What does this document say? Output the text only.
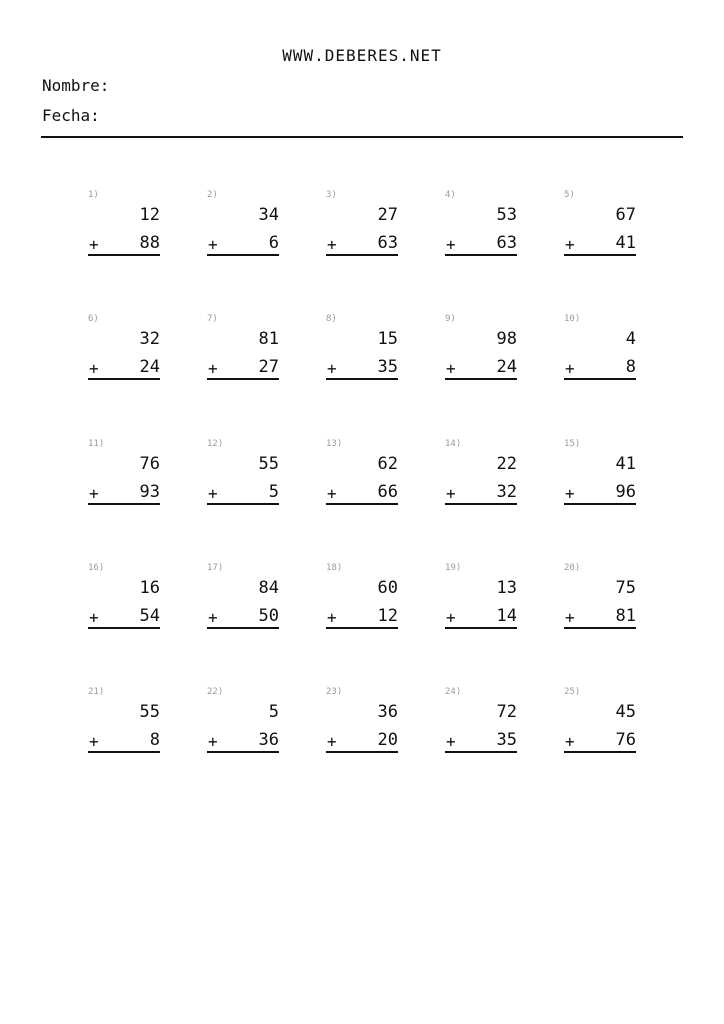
WWW.DEBERES.NET
Nombre:
Fecha:
1)
12
+ 88
2)
34
+	6
3)
27
+ 63
4)
53
+ 63
5)
67
+ 41
6)
32
+ 24
7)
81
+ 27
8)
15
+ 35
9)
98
+ 24
10)
4
+	8
11)
76
+ 93
12)
55
+	5
13)
62
+ 66
14)
22
+ 32
15)
41
+ 96
16)
16
+ 54
17)
84
+ 50
18)
60
+ 12
19)
13
+ 14
20)
75
+ 81
21)
55
+	8
22)
5
+ 36
23)
36
+ 20
24)
72
+ 35
25)
45
+ 76
